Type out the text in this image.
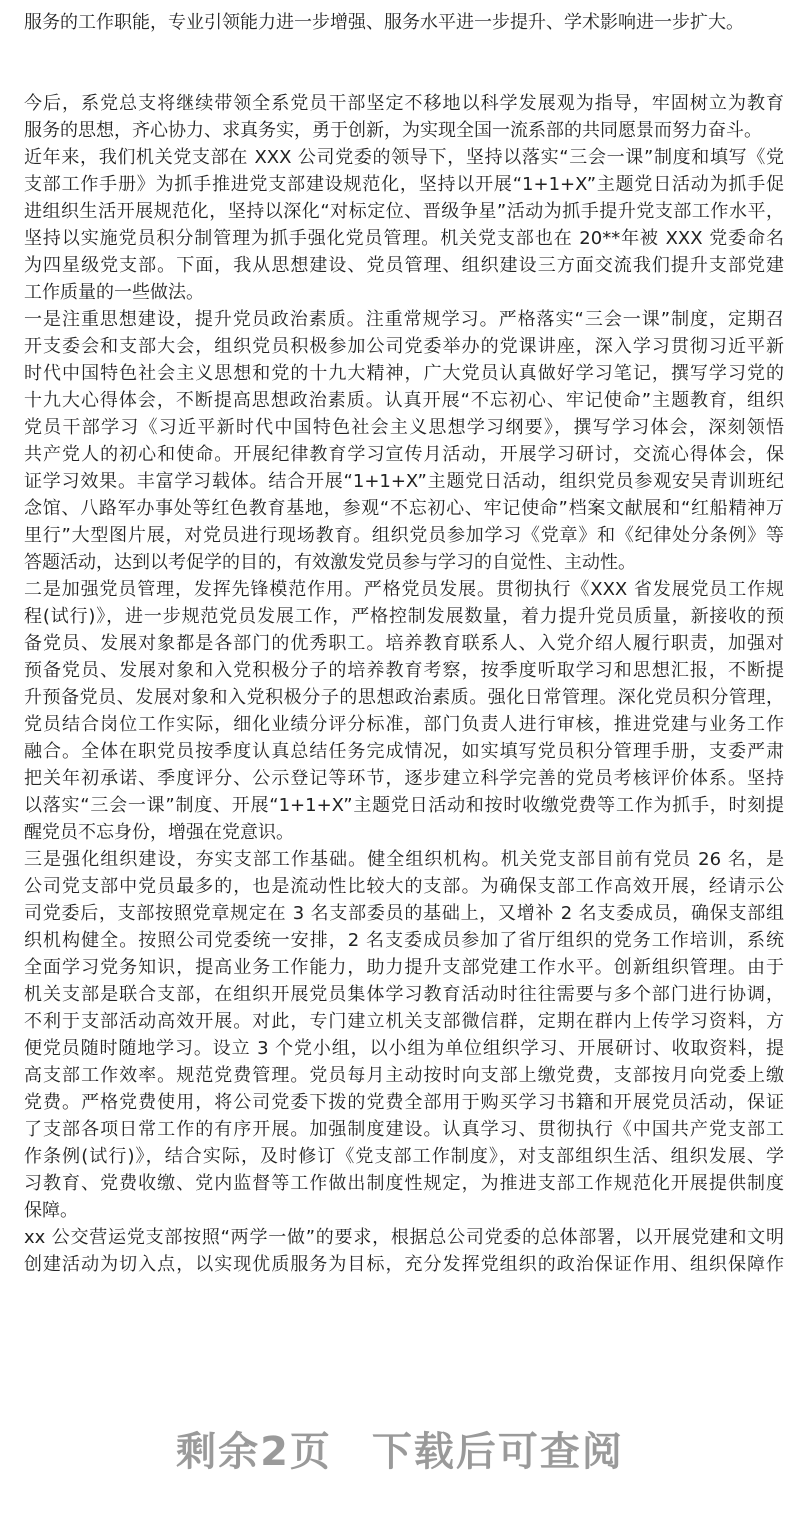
服务的工作职能，专业引领能力进一步增强、服务水平进一步提升、学术影响进一步扩大。
今后，系党总支将继续带领全系党员干部坚定不移地以科学发展观为指导，牢固树立为教育
服务的思想，齐心协力、求真务实，勇于创新，为实现全国一流系部的共同愿景而努力奋斗。
近年来，我们机关党支部在 XXX 公司党委的领导下，坚持以落实“三会一课”制度和填写《党
支部工作手册》为抓手推进党支部建设规范化，坚持以开展“1+1+X”主题党日活动为抓手促
进组织生活开展规范化，坚持以深化“对标定位、晋级争星”活动为抓手提升党支部工作水平，
坚持以实施党员积分制管理为抓手强化党员管理。机关党支部也在 20**年被 XXX 党委命名
为四星级党支部。下面，我从思想建设、党员管理、组织建设三方面交流我们提升支部党建
工作质量的一些做法。
一是注重思想建设，提升党员政治素质。注重常规学习。严格落实“三会一课”制度，定期召
开支委会和支部大会，组织党员积极参加公司党委举办的党课讲座，深入学习贯彻习近平新
时代中国特色社会主义思想和党的十九大精神，广大党员认真做好学习笔记，撰写学习党的
十九大心得体会，不断提高思想政治素质。认真开展“不忘初心、牢记使命”主题教育，组织
党员干部学习《习近平新时代中国特色社会主义思想学习纲要》，撰写学习体会，深刻领悟
共产党人的初心和使命。开展纪律教育学习宣传月活动，开展学习研讨，交流心得体会，保
证学习效果。丰富学习载体。结合开展“1+1+X”主题党日活动，组织党员参观安吴青训班纪
念馆、八路军办事处等红色教育基地，参观“不忘初心、牢记使命”档案文献展和“红船精神万
里行”大型图片展，对党员进行现场教育。组织党员参加学习《党章》和《纪律处分条例》等
答题活动，达到以考促学的目的，有效激发党员参与学习的自觉性、主动性。
二是加强党员管理，发挥先锋模范作用。严格党员发展。贯彻执行《XXX 省发展党员工作规
程(试行)》，进一步规范党员发展工作，严格控制发展数量，着力提升党员质量，新接收的预
备党员、发展对象都是各部门的优秀职工。培养教育联系人、入党介绍人履行职责，加强对
预备党员、发展对象和入党积极分子的培养教育考察，按季度听取学习和思想汇报，不断提
升预备党员、发展对象和入党积极分子的思想政治素质。强化日常管理。深化党员积分管理，
党员结合岗位工作实际，细化业绩分评分标准，部门负责人进行审核，推进党建与业务工作
融合。全体在职党员按季度认真总结任务完成情况，如实填写党员积分管理手册，支委严肃
把关年初承诺、季度评分、公示登记等环节，逐步建立科学完善的党员考核评价体系。坚持
以落实“三会一课”制度、开展“1+1+X”主题党日活动和按时收缴党费等工作为抓手，时刻提
醒党员不忘身份，增强在党意识。
三是强化组织建设，夯实支部工作基础。健全组织机构。机关党支部目前有党员 26 名，是
公司党支部中党员最多的，也是流动性比较大的支部。为确保支部工作高效开展，经请示公
司党委后，支部按照党章规定在 3 名支部委员的基础上，又增补 2 名支委成员，确保支部组
织机构健全。按照公司党委统一安排，2 名支委成员参加了省厅组织的党务工作培训，系统
全面学习党务知识，提高业务工作能力，助力提升支部党建工作水平。创新组织管理。由于
机关支部是联合支部，在组织开展党员集体学习教育活动时往往需要与多个部门进行协调，
不利于支部活动高效开展。对此，专门建立机关支部微信群，定期在群内上传学习资料，方
便党员随时随地学习。设立 3 个党小组，以小组为单位组织学习、开展研讨、收取资料，提
高支部工作效率。规范党费管理。党员每月主动按时向支部上缴党费，支部按月向党委上缴
党费。严格党费使用，将公司党委下拨的党费全部用于购买学习书籍和开展党员活动，保证
了支部各项日常工作的有序开展。加强制度建设。认真学习、贯彻执行《中国共产党支部工
作条例(试行)》，结合实际，及时修订《党支部工作制度》，对支部组织生活、组织发展、学
习教育、党费收缴、党内监督等工作做出制度性规定，为推进支部工作规范化开展提供制度
保障。
xx 公交营运党支部按照“两学一做”的要求，根据总公司党委的总体部署，以开展党建和文明
创建活动为切入点，以实现优质服务为目标，充分发挥党组织的政治保证作用、组织保障作
剩余2页 下载后可查阅
